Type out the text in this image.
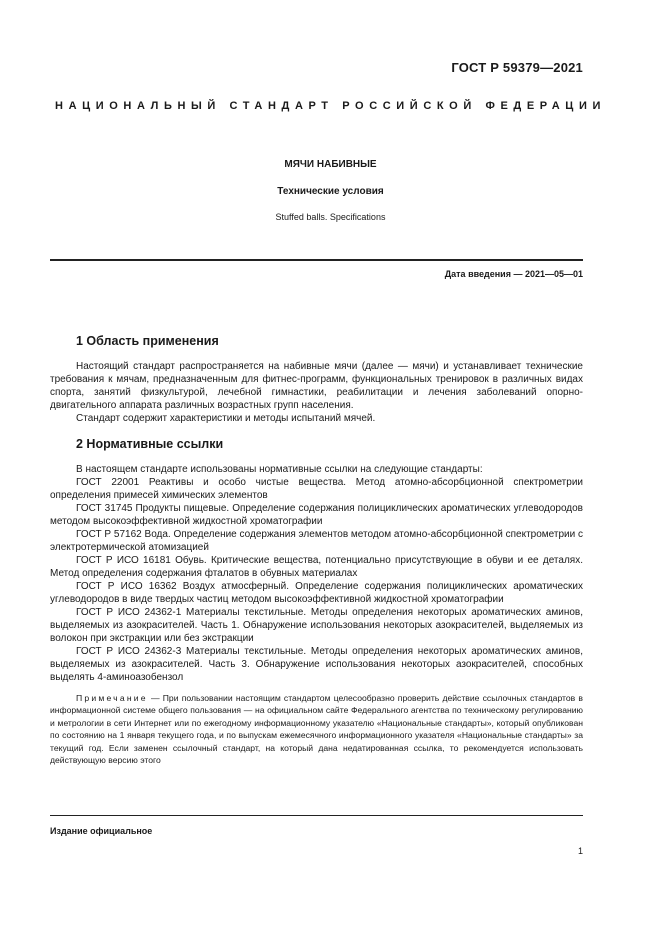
ГОСТ Р 59379—2021
НАЦИОНАЛЬНЫЙ СТАНДАРТ РОССИЙСКОЙ ФЕДЕРАЦИИ
МЯЧИ НАБИВНЫЕ
Технические условия
Stuffed balls. Specifications
Дата введения — 2021—05—01
1 Область применения

Настоящий стандарт распространяется на набивные мячи (далее — мячи) и устанавливает технические требования к мячам, предназначенным для фитнес-программ, функциональных тренировок в различных видах спорта, занятий физкультурой, лечебной гимнастики, реабилитации и лечения заболеваний опорно-двигательного аппарата различных возрастных групп населения.

Стандарт содержит характеристики и методы испытаний мячей.

2 Нормативные ссылки

В настоящем стандарте использованы нормативные ссылки на следующие стандарты:

ГОСТ 22001 Реактивы и особо чистые вещества. Метод атомно-абсорбционной спектрометрии определения примесей химических элементов

ГОСТ 31745 Продукты пищевые. Определение содержания полициклических ароматических углеводородов методом высокоэффективной жидкостной хроматографии

ГОСТ Р 57162 Вода. Определение содержания элементов методом атомно-абсорбционной спектрометрии с электротермической атомизацией

ГОСТ Р ИСО 16181 Обувь. Критические вещества, потенциально присутствующие в обуви и ее деталях. Метод определения содержания фталатов в обувных материалах

ГОСТ Р ИСО 16362 Воздух атмосферный. Определение содержания полициклических ароматических углеводородов в виде твердых частиц методом высокоэффективной жидкостной хроматографии

ГОСТ Р ИСО 24362-1 Материалы текстильные. Методы определения некоторых ароматических аминов, выделяемых из азокрасителей. Часть 1. Обнаружение использования некоторых азокрасителей, выделяемых из волокон при экстракции или без экстракции

ГОСТ Р ИСО 24362-3 Материалы текстильные. Методы определения некоторых ароматических аминов, выделяемых из азокрасителей. Часть 3. Обнаружение использования некоторых азокрасителей, способных выделять 4-аминоазобензол

Примечание — При пользовании настоящим стандартом целесообразно проверить действие ссылочных стандартов в информационной системе общего пользования — на официальном сайте Федерального агентства по техническому регулированию и метрологии в сети Интернет или по ежегодному информационному указателю «Национальные стандарты», который опубликован по состоянию на 1 января текущего года, и по выпускам ежемесячного информационного указателя «Национальные стандарты» за текущий год. Если заменен ссылочный стандарт, на который дана недатированная ссылка, то рекомендуется использовать действующую версию этого
Издание официальное
1
